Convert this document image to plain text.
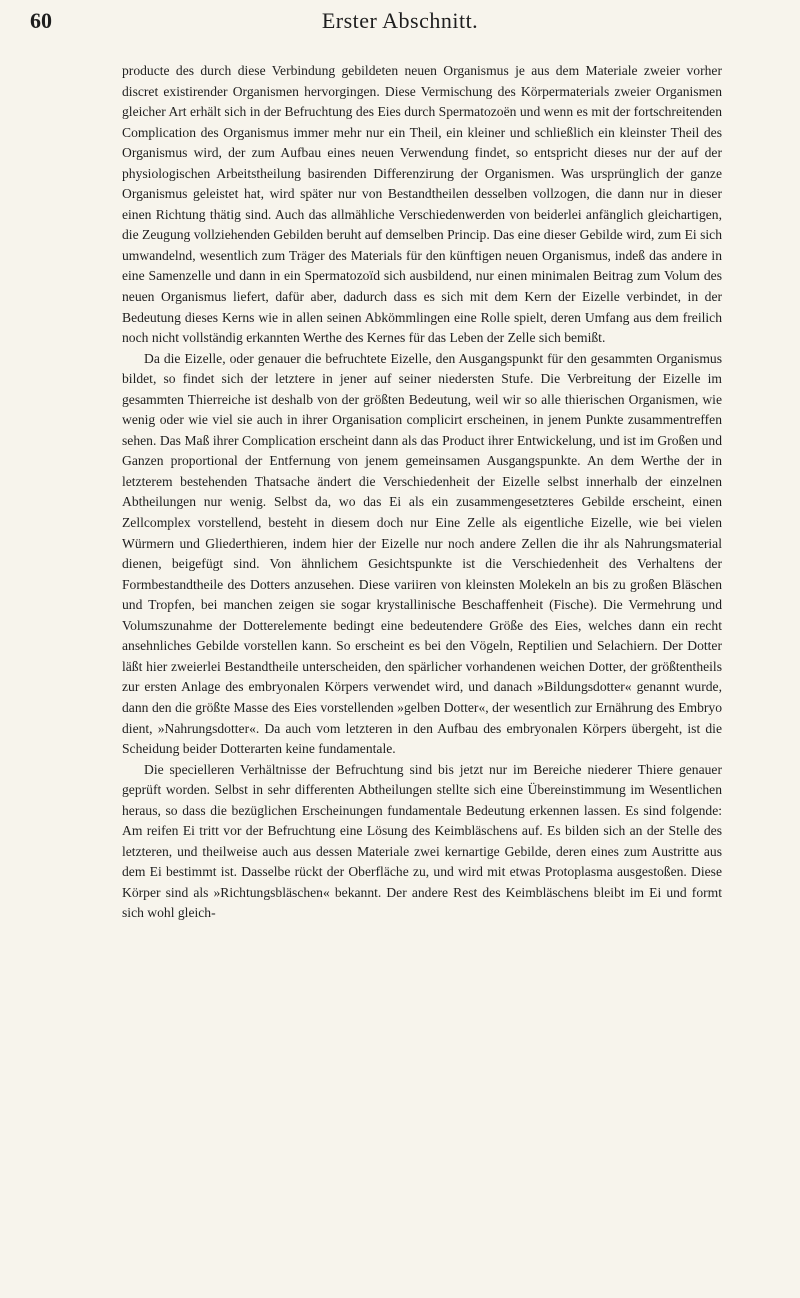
60	Erster Abschnitt.

producte des durch diese Verbindung gebildeten neuen Organismus je aus dem Materiale zweier vorher discret existirender Organismen hervorgingen. Diese Vermischung des Körpermaterials zweier Organismen gleicher Art erhält sich in der Befruchtung des Eies durch Spermatozoën und wenn es mit der fortschreitenden Complication des Organismus immer mehr nur ein Theil, ein kleiner und schließlich ein kleinster Theil des Organismus wird, der zum Aufbau eines neuen Verwendung findet, so entspricht dieses nur der auf der physiologischen Arbeitstheilung basirenden Differenzirung der Organismen. Was ursprünglich der ganze Organismus geleistet hat, wird später nur von Bestandtheilen desselben vollzogen, die dann nur in dieser einen Richtung thätig sind. Auch das allmähliche Verschiedenwerden von beiderlei anfänglich gleichartigen, die Zeugung vollziehenden Gebilden beruht auf demselben Princip. Das eine dieser Gebilde wird, zum Ei sich umwandelnd, wesentlich zum Träger des Materials für den künftigen neuen Organismus, indeß das andere in eine Samenzelle und dann in ein Spermatozoïd sich ausbildend, nur einen minimalen Beitrag zum Volum des neuen Organismus liefert, dafür aber, dadurch dass es sich mit dem Kern der Eizelle verbindet, in der Bedeutung dieses Kerns wie in allen seinen Abkömmlingen eine Rolle spielt, deren Umfang aus dem freilich noch nicht vollständig erkannten Werthe des Kernes für das Leben der Zelle sich bemißt.

Da die Eizelle, oder genauer die befruchtete Eizelle, den Ausgangspunkt für den gesammten Organismus bildet, so findet sich der letztere in jener auf seiner niedersten Stufe. Die Verbreitung der Eizelle im gesammten Thierreiche ist deshalb von der größten Bedeutung, weil wir so alle thierischen Organismen, wie wenig oder wie viel sie auch in ihrer Organisation complicirt erscheinen, in jenem Punkte zusammentreffen sehen. Das Maß ihrer Complication erscheint dann als das Product ihrer Entwickelung, und ist im Großen und Ganzen proportional der Entfernung von jenem gemeinsamen Ausgangspunkte. An dem Werthe der in letzterem bestehenden Thatsache ändert die Verschiedenheit der Eizelle selbst innerhalb der einzelnen Abtheilungen nur wenig. Selbst da, wo das Ei als ein zusammengesetzteres Gebilde erscheint, einen Zellcomplex vorstellend, besteht in diesem doch nur Eine Zelle als eigentliche Eizelle, wie bei vielen Würmern und Gliederthieren, indem hier der Eizelle nur noch andere Zellen die ihr als Nahrungsmaterial dienen, beigefügt sind. Von ähnlichem Gesichtspunkte ist die Verschiedenheit des Verhaltens der Formbestandtheile des Dotters anzusehen. Diese variiren von kleinsten Molekeln an bis zu großen Bläschen und Tropfen, bei manchen zeigen sie sogar krystallinische Beschaffenheit (Fische). Die Vermehrung und Volumszunahme der Dotterelemente bedingt eine bedeutendere Größe des Eies, welches dann ein recht ansehnliches Gebilde vorstellen kann. So erscheint es bei den Vögeln, Reptilien und Selachiern. Der Dotter läßt hier zweierlei Bestandtheile unterscheiden, den spärlicher vorhandenen weichen Dotter, der größtentheils zur ersten Anlage des embryonalen Körpers verwendet wird, und danach »Bildungsdotter« genannt wurde, dann den die größte Masse des Eies vorstellenden »gelben Dotter«, der wesentlich zur Ernährung des Embryo dient, »Nahrungsdotter«. Da auch vom letzteren in den Aufbau des embryonalen Körpers übergeht, ist die Scheidung beider Dotterarten keine fundamentale.

Die specielleren Verhältnisse der Befruchtung sind bis jetzt nur im Bereiche niederer Thiere genauer geprüft worden. Selbst in sehr differenten Abtheilungen stellte sich eine Übereinstimmung im Wesentlichen heraus, so dass die bezüglichen Erscheinungen fundamentale Bedeutung erkennen lassen. Es sind folgende: Am reifen Ei tritt vor der Befruchtung eine Lösung des Keimbläschens auf. Es bilden sich an der Stelle des letzteren, und theilweise auch aus dessen Materiale zwei kernartige Gebilde, deren eines zum Austritte aus dem Ei bestimmt ist. Dasselbe rückt der Oberfläche zu, und wird mit etwas Protoplasma ausgestoßen. Diese Körper sind als »Richtungsbläschen« bekannt. Der andere Rest des Keimbläschens bleibt im Ei und formt sich wohl gleich-
